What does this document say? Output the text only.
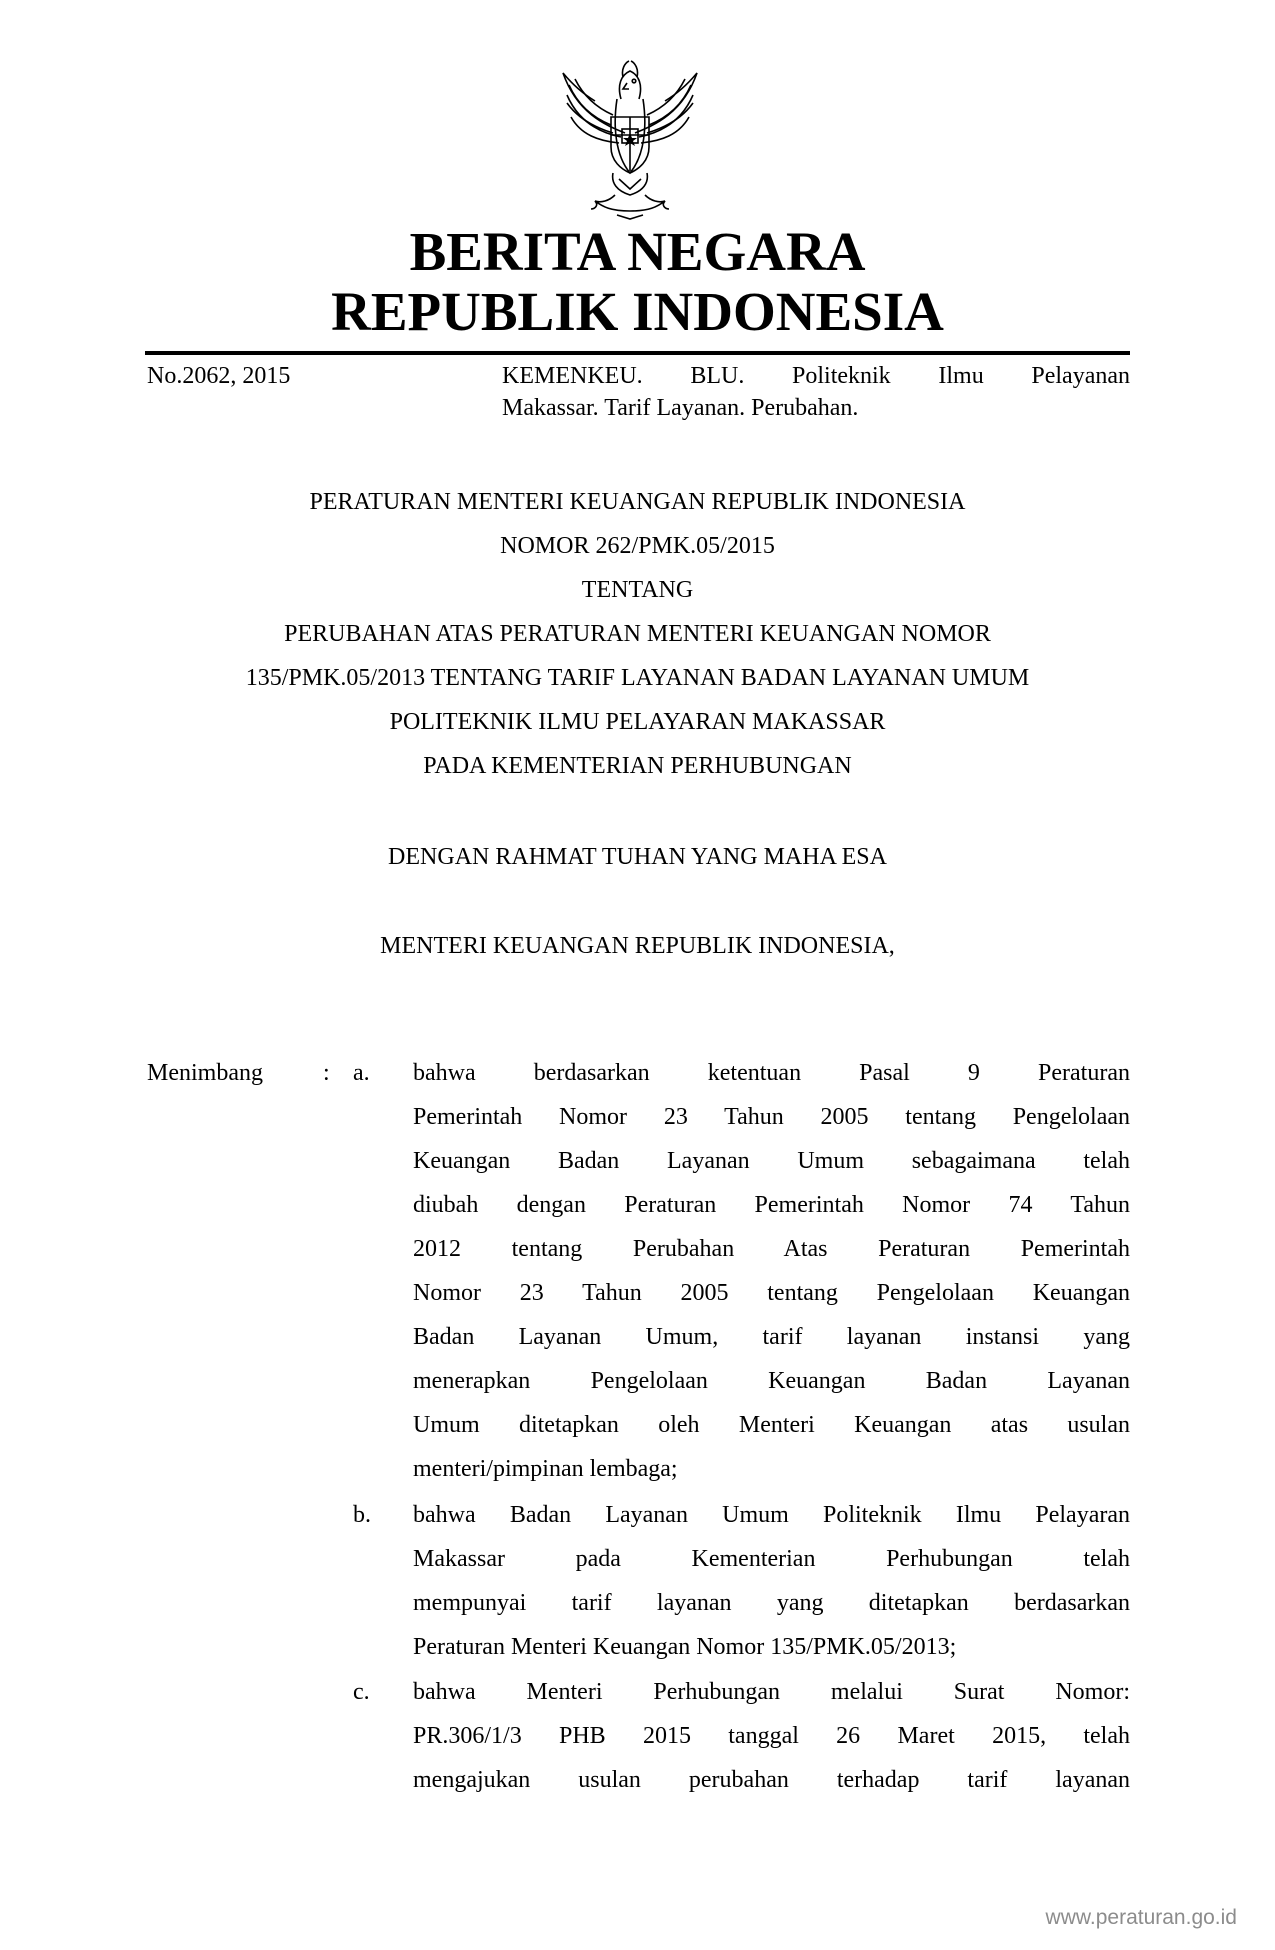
BERITA NEGARA
REPUBLIK INDONESIA
No.2062, 2015	KEMENKEU. BLU. Politeknik Ilmu Pelayanan
Makassar. Tarif Layanan. Perubahan.
PERATURAN MENTERI KEUANGAN REPUBLIK INDONESIA
NOMOR 262/PMK.05/2015
TENTANG
PERUBAHAN ATAS PERATURAN MENTERI KEUANGAN NOMOR
135/PMK.05/2013 TENTANG TARIF LAYANAN BADAN LAYANAN UMUM
POLITEKNIK ILMU PELAYARAN MAKASSAR
PADA KEMENTERIAN PERHUBUNGAN
DENGAN RAHMAT TUHAN YANG MAHA ESA
MENTERI KEUANGAN REPUBLIK INDONESIA,
Menimbang	: a. bahwa berdasarkan ketentuan Pasal 9 Peraturan
Pemerintah Nomor 23 Tahun 2005 tentang Pengelolaan
Keuangan Badan Layanan Umum sebagaimana telah
diubah dengan Peraturan Pemerintah Nomor 74 Tahun
2012 tentang Perubahan Atas Peraturan Pemerintah
Nomor 23 Tahun 2005 tentang Pengelolaan Keuangan
Badan Layanan Umum, tarif layanan instansi yang
menerapkan Pengelolaan Keuangan Badan Layanan
Umum ditetapkan oleh Menteri Keuangan atas usulan
menteri/pimpinan lembaga;
b. bahwa Badan Layanan Umum Politeknik Ilmu Pelayaran
Makassar pada Kementerian Perhubungan telah
mempunyai tarif layanan yang ditetapkan berdasarkan
Peraturan Menteri Keuangan Nomor 135/PMK.05/2013;
c. bahwa Menteri Perhubungan melalui Surat Nomor:
PR.306/1/3 PHB 2015 tanggal 26 Maret 2015, telah
mengajukan usulan perubahan terhadap tarif layanan
www.peraturan.go.id
